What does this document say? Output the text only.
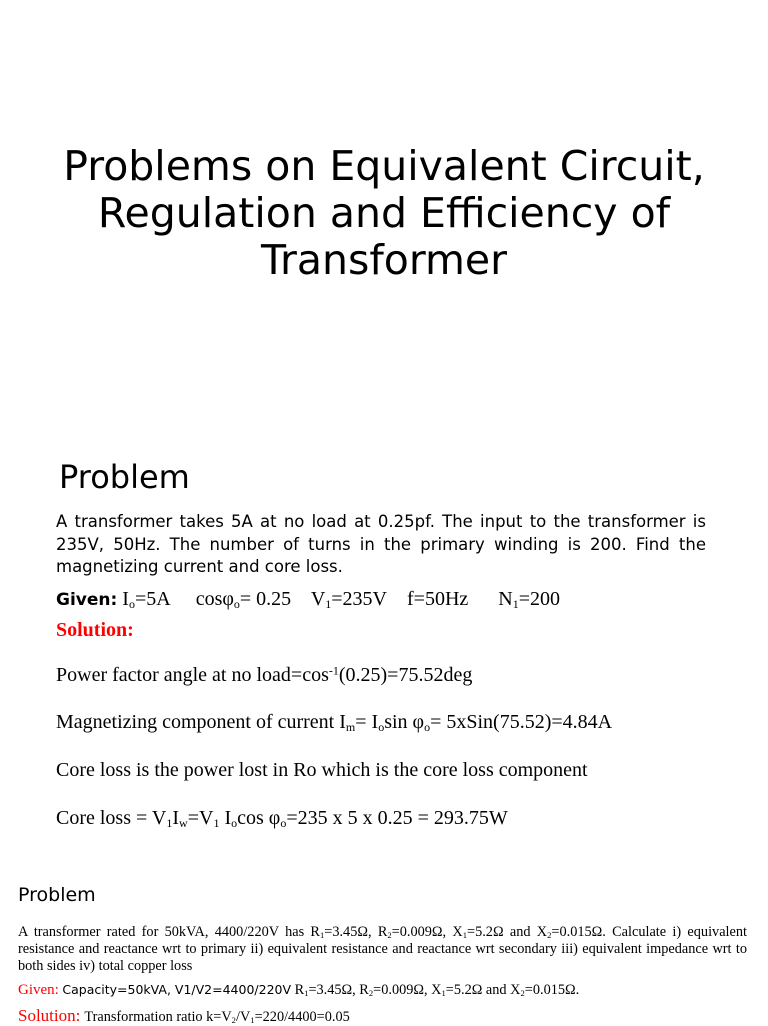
Problems on Equivalent Circuit, Regulation and Efficiency of Transformer
Problem
A transformer takes 5A at no load at 0.25pf. The input to the transformer is 235V, 50Hz. The number of turns in the primary winding is 200. Find the magnetizing current and core loss.
Given: $I_o=5A$ cosφ$_o$= 0.25 $V_1=235V$ f=50Hz $N_1=200$
Solution:
Power factor angle at no $load=\cos^{-1}(0.25)=75.52deg$
Magnetizing component of current $I_m= I_o\sin$ $\varphi_o=$ 5xSin(75.52)=4.84A
Core loss is the power lost in Ro which is the core loss component
Core loss = $V_1I_w=V_1$ $I_o\cos$ $\varphi_o=235$ x 5 x 0.25 = 293.75W
Problem
A transformer rated for 50kVA, 4400/220V has $R_1=3.45\Omega$, $R_2=0.009\Omega$, $X_1=5.2\Omega$ and $X_2=0.015\Omega$. Calculate i) equivalent resistance and reactance wrt to primary ii) equivalent resistance and reactance wrt secondary iii) equivalent impedance wrt to both sides iv) total copper loss
Given: Capacity=50kVA, V1/V2=4400/220V $R_1=3.45\Omega$, $R_2=0.009\Omega$, $X_1=5.2\Omega$ and $X_2=0.015\Omega$.
Solution: Transformation ratio $k=V_2/V_1=220/4400=0.05$
